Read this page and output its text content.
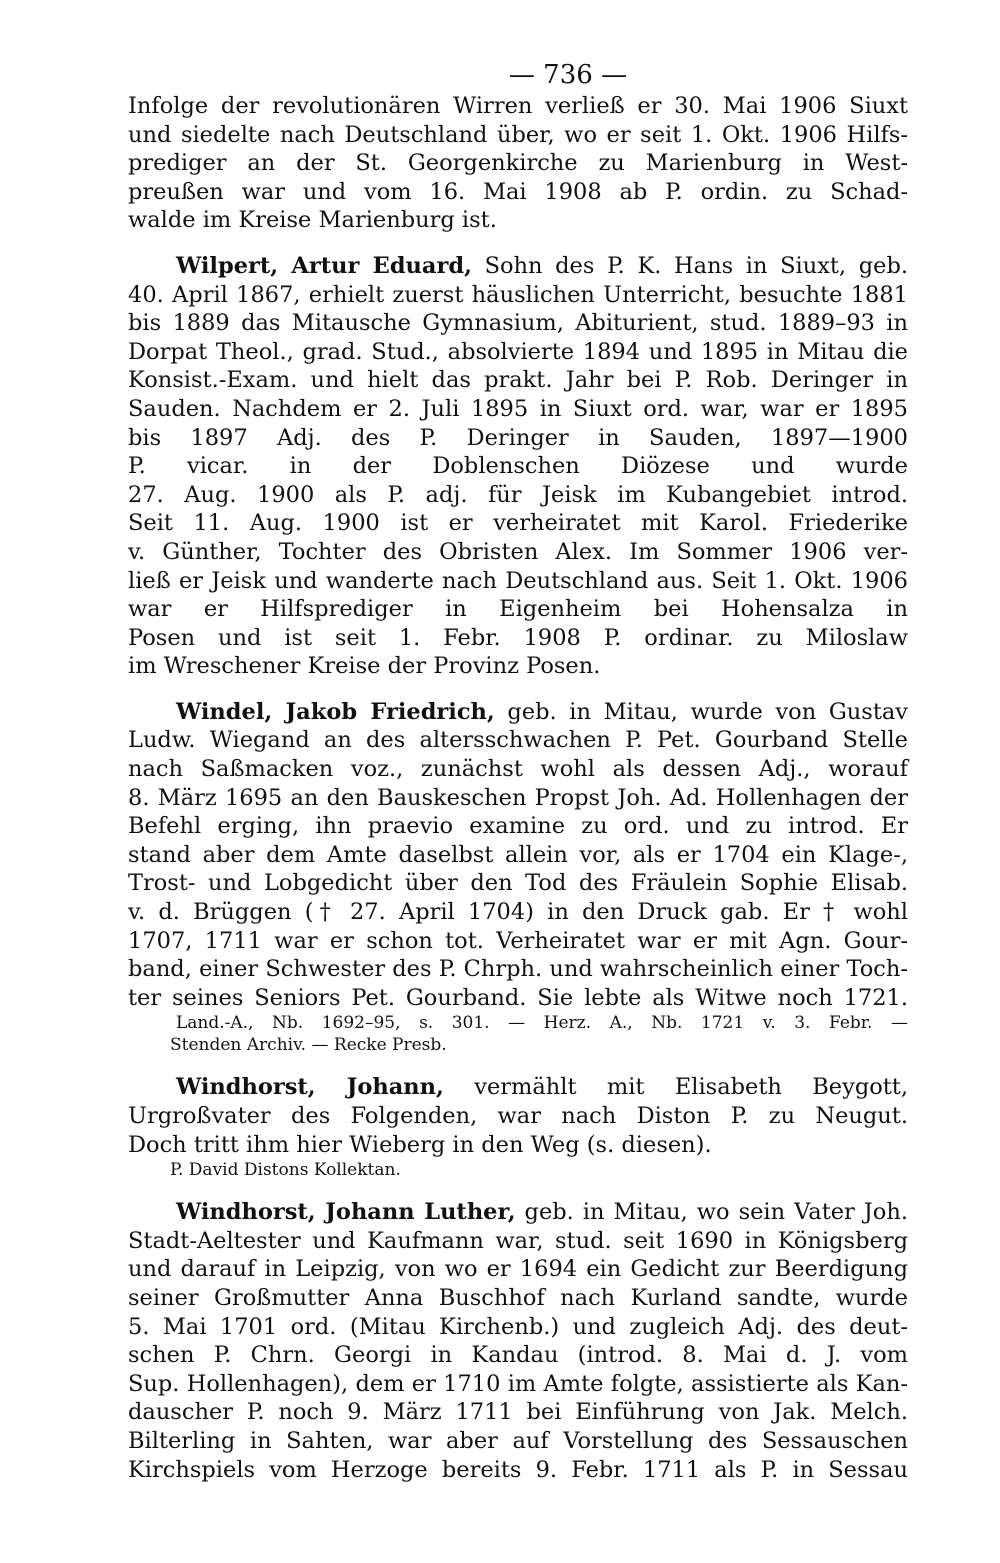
— 736 —
Infolge der revolutionären Wirren verließ er 30. Mai 1906 Siuxt
und siedelte nach Deutschland über, wo er seit 1. Okt. 1906 Hilfs-
prediger an der St. Georgenkirche zu Marienburg in West-
preußen war und vom 16. Mai 1908 ab P. ordin. zu Schad-
walde im Kreise Marienburg ist.
Wilpert, Artur Eduard, Sohn des P. K. Hans in Siuxt, geb.
40. April 1867, erhielt zuerst häuslichen Unterricht, besuchte 1881
bis 1889 das Mitausche Gymnasium, Abiturient, stud. 1889–93 in
Dorpat Theol., grad. Stud., absolvierte 1894 und 1895 in Mitau die
Konsist.-Exam. und hielt das prakt. Jahr bei P. Rob. Deringer in
Sauden. Nachdem er 2. Juli 1895 in Siuxt ord. war, war er 1895
bis 1897 Adj. des P. Deringer in Sauden, 1897—1900
P. vicar. in der Doblenschen Diözese und wurde
27. Aug. 1900 als P. adj. für Jeisk im Kubangebiet introd.
Seit 11. Aug. 1900 ist er verheiratet mit Karol. Friederike
v. Günther, Tochter des Obristen Alex. Im Sommer 1906 ver-
ließ er Jeisk und wanderte nach Deutschland aus. Seit 1. Okt. 1906
war er Hilfsprediger in Eigenheim bei Hohensalza in
Posen und ist seit 1. Febr. 1908 P. ordinar. zu Miloslaw
im Wreschener Kreise der Provinz Posen.
Windel, Jakob Friedrich, geb. in Mitau, wurde von Gustav
Ludw. Wiegand an des altersschwachen P. Pet. Gourband Stelle
nach Saßmacken voz., zunächst wohl als dessen Adj., worauf
8. März 1695 an den Bauskeschen Propst Joh. Ad. Hollenhagen der
Befehl erging, ihn praevio examine zu ord. und zu introd. Er
stand aber dem Amte daselbst allein vor, als er 1704 ein Klage-,
Trost- und Lobgedicht über den Tod des Fräulein Sophie Elisab.
v. d. Brüggen († 27. April 1704) in den Druck gab. Er † wohl
1707, 1711 war er schon tot. Verheiratet war er mit Agn. Gour-
band, einer Schwester des P. Chrph. und wahrscheinlich einer Toch-
ter seines Seniors Pet. Gourband. Sie lebte als Witwe noch 1721.
Land.-A., Nb. 1692–95, s. 301. — Herz. A., Nb. 1721 v. 3. Febr. —
Stenden Archiv. — Recke Presb.
Windhorst, Johann, vermählt mit Elisabeth Beygott,
Urgroßvater des Folgenden, war nach Diston P. zu Neugut.
Doch tritt ihm hier Wieberg in den Weg (s. diesen).
P. David Distons Kollektan.
Windhorst, Johann Luther, geb. in Mitau, wo sein Vater Joh.
Stadt-Aeltester und Kaufmann war, stud. seit 1690 in Königsberg
und darauf in Leipzig, von wo er 1694 ein Gedicht zur Beerdigung
seiner Großmutter Anna Buschhof nach Kurland sandte, wurde
5. Mai 1701 ord. (Mitau Kirchenb.) und zugleich Adj. des deut-
schen P. Chrn. Georgi in Kandau (introd. 8. Mai d. J. vom
Sup. Hollenhagen), dem er 1710 im Amte folgte, assistierte als Kan-
dauscher P. noch 9. März 1711 bei Einführung von Jak. Melch.
Bilterling in Sahten, war aber auf Vorstellung des Sessauschen
Kirchspiels vom Herzoge bereits 9. Febr. 1711 als P. in Sessau
